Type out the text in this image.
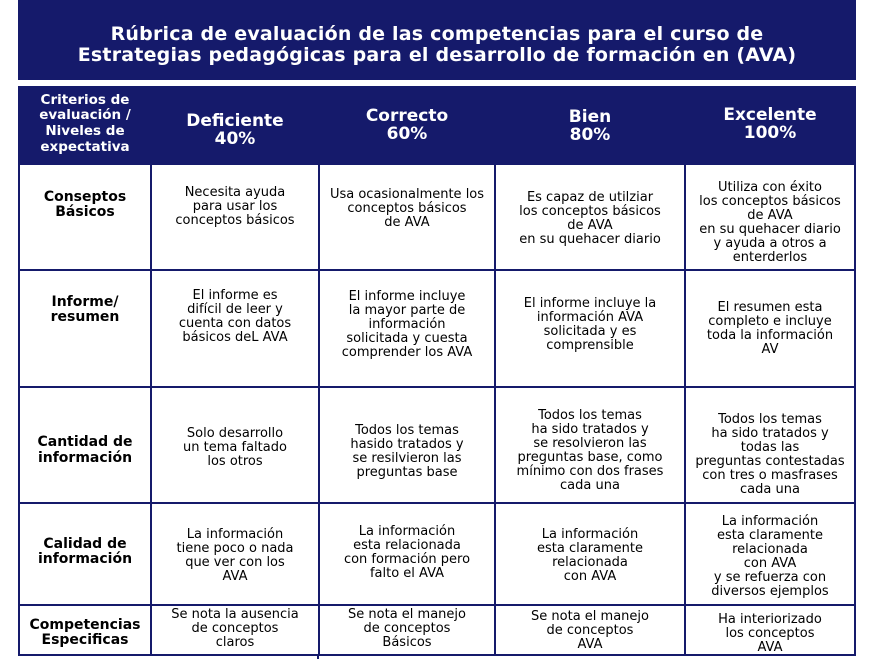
Rúbrica de evaluación de las competencias para el curso de
Estrategias pedagógicas para el desarrollo de formación en (AVA)
Criterios de
evaluación /
Niveles de
expectativa
Deficiente
40%
Correcto
60%
Bien
80%
Excelente
100%
Conseptos
Básicos
Necesita ayuda
para usar los
conceptos básicos
Usa ocasionalmente los
conceptos básicos
de AVA
Es capaz de utilziar
los conceptos básicos
de AVA
en su quehacer diario
Utiliza con éxito
los conceptos básicos
de AVA
en su quehacer diario
y ayuda a otros a
enterderlos
Informe/
resumen
El informe es
difícil de leer y
cuenta con datos
básicos deL AVA
El informe incluye
la mayor parte de
información
solicitada y cuesta
comprender los AVA
El informe incluye la
información AVA
solicitada y es
comprensible
El resumen esta
completo e incluye
toda la información
AV
Cantidad de
información
Solo desarrollo
un tema faltado
los otros
Todos los temas
hasido tratados y
se resilvieron las
preguntas base
Todos los temas
ha sido tratados y
se resolvieron las
preguntas base, como
mínimo con dos frases
cada una
Todos los temas
ha sido tratados y
todas las
preguntas contestadas
con tres o masfrases
cada una
Calidad de
información
La información
tiene poco o nada
que ver con los
AVA
La información
esta relacionada
con formación pero
falto el AVA
La información
esta claramente
relacionada
con AVA
La información
esta claramente
relacionada
con AVA
y se refuerza con
diversos ejemplos
Competencias
Especificas
Se nota la ausencia
de conceptos
claros
Se nota el manejo
de conceptos
Básicos
Se nota el manejo
de conceptos
AVA
Ha interiorizado
los conceptos
AVA
